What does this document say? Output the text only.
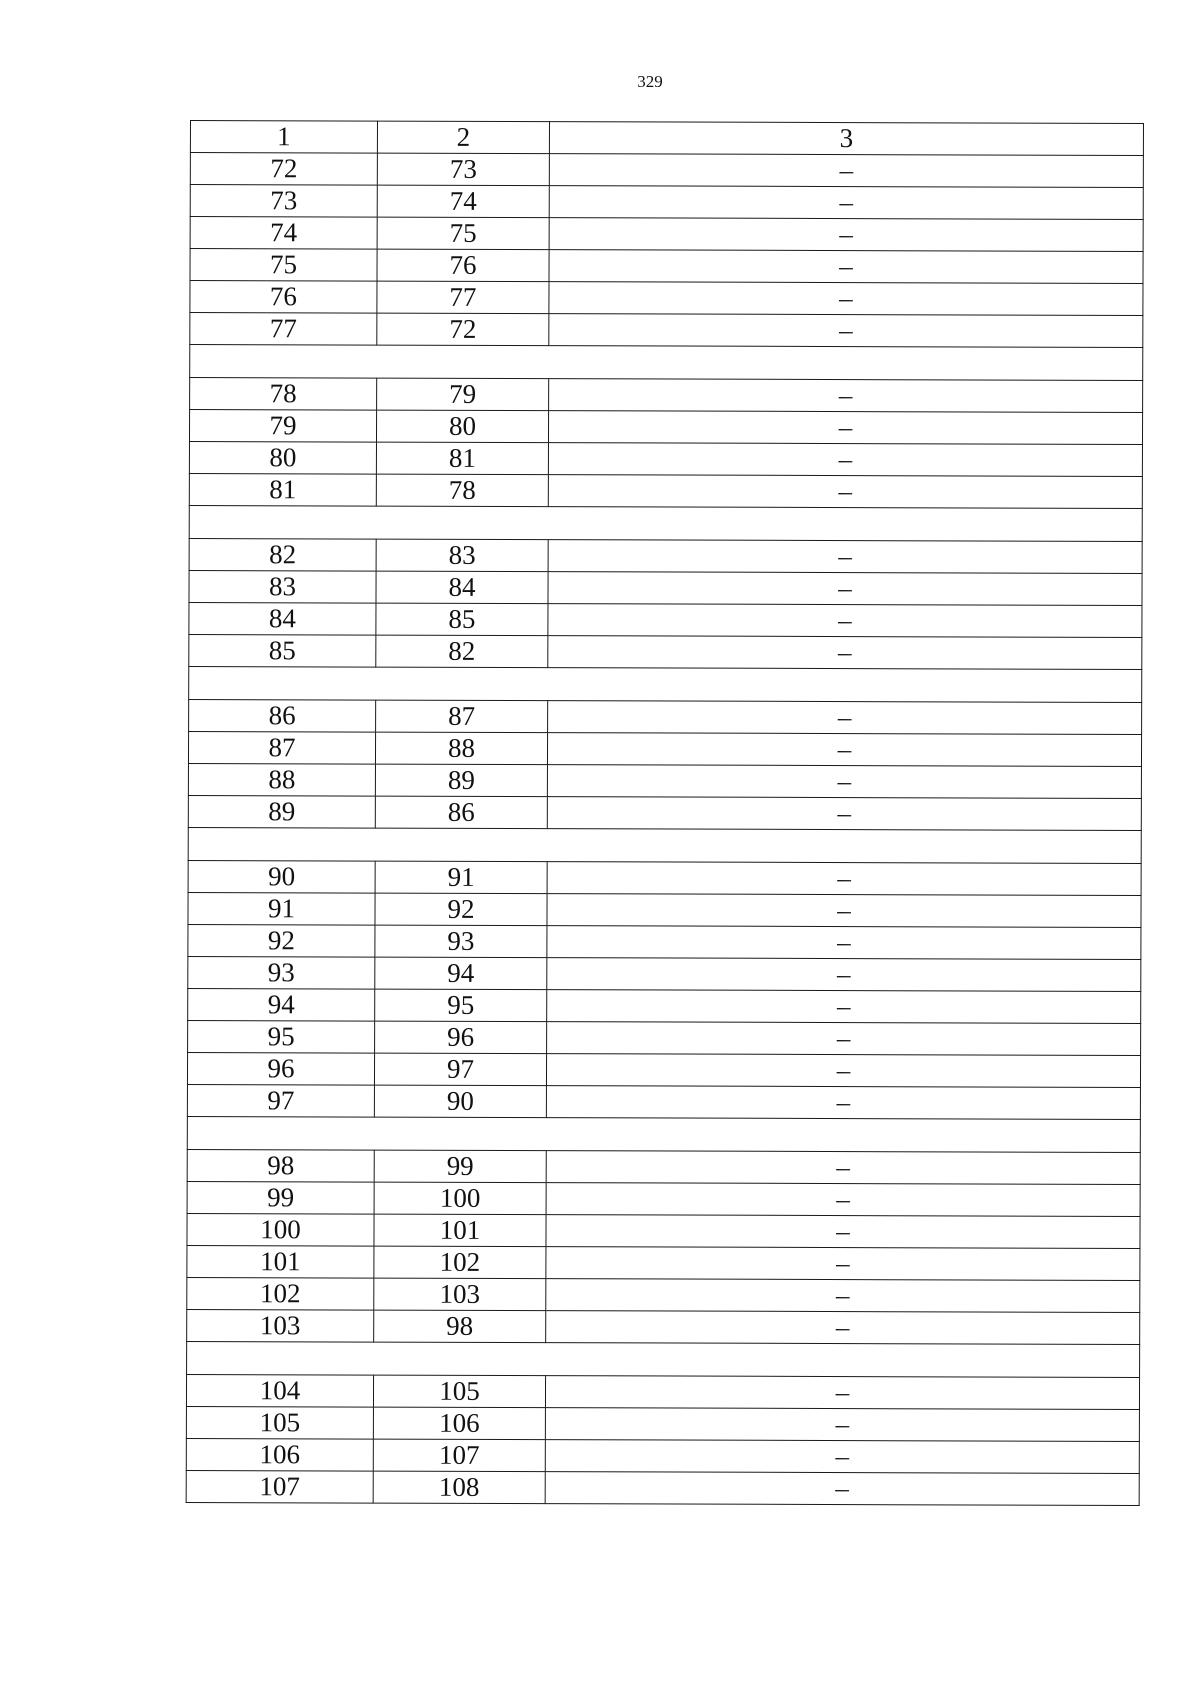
329
1	2	3
72	73	–
73	74	–
74	75	–
75	76	–
76	77	–
77	72	–

78	79	–
79	80	–
80	81	–
81	78	–

82	83	–
83	84	–
84	85	–
85	82	–

86	87	–
87	88	–
88	89	–
89	86	–

90	91	–
91	92	–
92	93	–
93	94	–
94	95	–
95	96	–
96	97	–
97	90	–

98	99	–
99	100	–
100	101	–
101	102	–
102	103	–
103	98	–

104	105	–
105	106	–
106	107	–
107	108	–
